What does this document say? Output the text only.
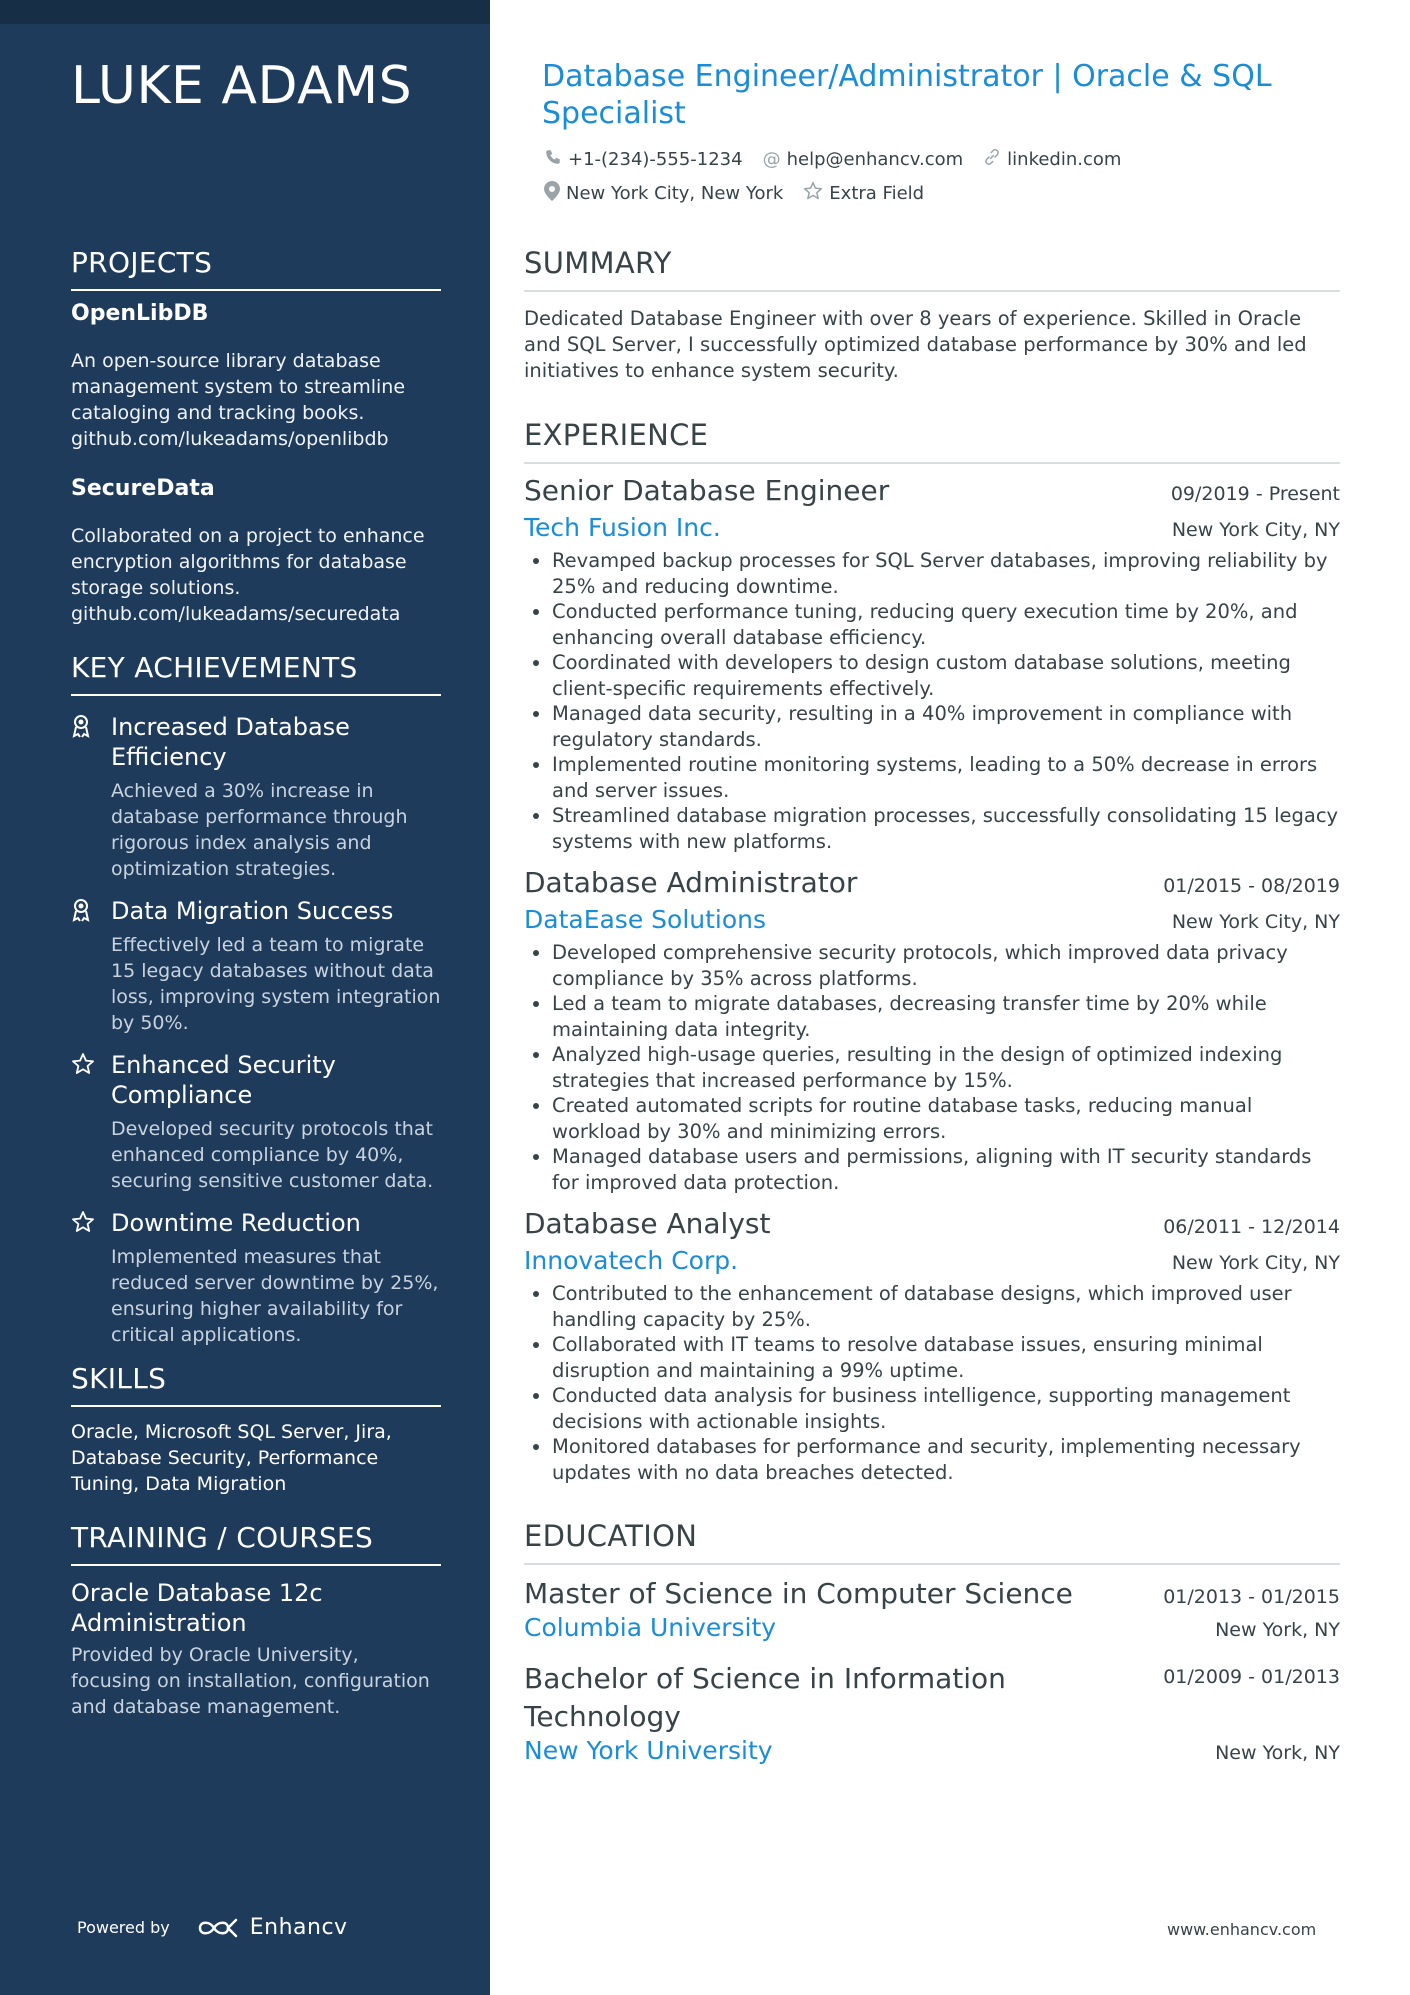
LUKE ADAMS
PROJECTS
OpenLibDB

An open-source library database management system to streamline cataloging and tracking books. github.com/lukeadams/openlibdb

SecureData

Collaborated on a project to enhance encryption algorithms for database storage solutions. github.com/lukeadams/securedata

KEY ACHIEVEMENTS
Increased Database Efficiency

Achieved a 30% increase in database performance through rigorous index analysis and optimization strategies.

Data Migration Success

Effectively led a team to migrate 15 legacy databases without data loss, improving system integration by 50%.

Enhanced Security Compliance

Developed security protocols that enhanced compliance by 40%, securing sensitive customer data.

Downtime Reduction

Implemented measures that reduced server downtime by 25%, ensuring higher availability for critical applications.

SKILLS

Oracle, Microsoft SQL Server, Jira, Database Security, Performance Tuning, Data Migration

TRAINING / COURSES
Oracle Database 12c Administration

Provided by Oracle University, focusing on installation, configuration and database management.

Powered by	Enhancv
Database Engineer/Administrator | Oracle & SQL Specialist
+1-(234)-555-1234 @ help@enhancv.com linkedin.com
New York City, New York	Extra Field
SUMMARY

Dedicated Database Engineer with over 8 years of experience. Skilled in Oracle and SQL Server, I successfully optimized database performance by 30% and led initiatives to enhance system security.

EXPERIENCE
Senior Database Engineer	09/2019 - Present
Tech Fusion Inc.	New York City, NY
• Revamped backup processes for SQL Server databases, improving reliability by 25% and reducing downtime.
• Conducted performance tuning, reducing query execution time by 20%, and enhancing overall database efficiency.
• Coordinated with developers to design custom database solutions, meeting client-specific requirements effectively.
• Managed data security, resulting in a 40% improvement in compliance with regulatory standards.
• Implemented routine monitoring systems, leading to a 50% decrease in errors and server issues.
• Streamlined database migration processes, successfully consolidating 15 legacy systems with new platforms.
Database Administrator	01/2015 - 08/2019
DataEase Solutions	New York City, NY
• Developed comprehensive security protocols, which improved data privacy compliance by 35% across platforms.
• Led a team to migrate databases, decreasing transfer time by 20% while maintaining data integrity.
• Analyzed high-usage queries, resulting in the design of optimized indexing strategies that increased performance by 15%.
• Created automated scripts for routine database tasks, reducing manual workload by 30% and minimizing errors.
• Managed database users and permissions, aligning with IT security standards for improved data protection.
Database Analyst	06/2011 - 12/2014
Innovatech Corp.	New York City, NY
• Contributed to the enhancement of database designs, which improved user handling capacity by 25%.
• Collaborated with IT teams to resolve database issues, ensuring minimal disruption and maintaining a 99% uptime.
• Conducted data analysis for business intelligence, supporting management decisions with actionable insights.
• Monitored databases for performance and security, implementing necessary updates with no data breaches detected.
EDUCATION
Master of Science in Computer Science	01/2013 - 01/2015
Columbia University	New York, NY
Bachelor of Science in Information Technology
01/2009 - 01/2013
New York University	New York, NY
www.enhancv.com
